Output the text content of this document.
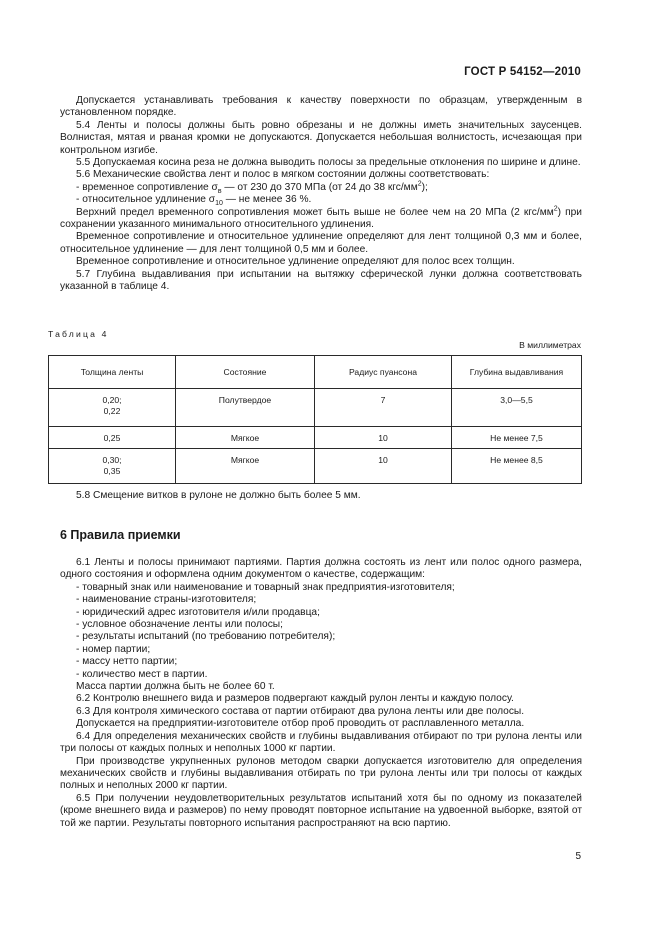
ГОСТ Р 54152—2010

Допускается устанавливать требования к качеству поверхности по образцам, утвержденным в установленном порядке.

5.4 Ленты и полосы должны быть ровно обрезаны и не должны иметь значительных заусенцев. Волнистая, мятая и рваная кромки не допускаются. Допускается небольшая волнистость, исчезающая при контрольном изгибе.

5.5 Допускаемая косина реза не должна выводить полосы за предельные отклонения по ширине и длине.

5.6 Механические свойства лент и полос в мягком состоянии должны соответствовать:

- временное сопротивление $\sigma_в$ — от 230 до 370 МПа (от 24 до 38 кгс/$мм^2$);

- относительное удлинение $\sigma_{10}$ — не менее 36 %.

Верхний предел временного сопротивления может быть выше не более чем на 20 МПа (2 кгс/$мм^2$) при сохранении указанного минимального относительного удлинения.

Временное сопротивление и относительное удлинение определяют для лент толщиной 0,3 мм и более, относительное удлинение — для лент толщиной 0,5 мм и более.

Временное сопротивление и относительное удлинение определяют для полос всех толщин.

5.7 Глубина выдавливания при испытании на вытяжку сферической лунки должна соответствовать указанной в таблице 4.

Таблица 4
В миллиметрах
Толщина ленты	Состояние	Радиус пуансона	Глубина выдавливания
0,20;
0,22	Полутвердое	7	3,0—5,5
0,25	Мягкое	10	Не менее 7,5
0,30;
0,35	Мягкое	10	Не менее 8,5

5.8 Смещение витков в рулоне не должно быть более 5 мм.

6 Правила приемки

6.1 Ленты и полосы принимают партиями. Партия должна состоять из лент или полос одного размера, одного состояния и оформлена одним документом о качестве, содержащим:

- товарный знак или наименование и товарный знак предприятия-изготовителя;

- наименование страны-изготовителя;

- юридический адрес изготовителя и/или продавца;

- условное обозначение ленты или полосы;

- результаты испытаний (по требованию потребителя);

- номер партии;

- массу нетто партии;

- количество мест в партии.

Масса партии должна быть не более 60 т.

6.2 Контролю внешнего вида и размеров подвергают каждый рулон ленты и каждую полосу.

6.3 Для контроля химического состава от партии отбирают два рулона ленты или две полосы.

Допускается на предприятии-изготовителе отбор проб проводить от расплавленного металла.

6.4 Для определения механических свойств и глубины выдавливания отбирают по три рулона ленты или три полосы от каждых полных и неполных 1000 кг партии.

При производстве укрупненных рулонов методом сварки допускается изготовителю для определения механических свойств и глубины выдавливания отбирать по три рулона ленты или три полосы от каждых полных и неполных 2000 кг партии.

6.5 При получении неудовлетворительных результатов испытаний хотя бы по одному из показателей (кроме внешнего вида и размеров) по нему проводят повторное испытание на удвоенной выборке, взятой от той же партии. Результаты повторного испытания распространяют на всю партию.

5
